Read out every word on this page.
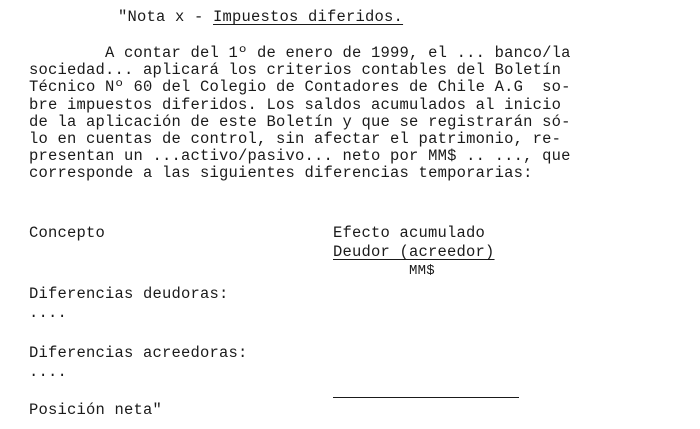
"Nota x - Impuestos diferidos.
A contar del 1º de enero de 1999, el ... banco/la
sociedad... aplicará los criterios contables del Boletín
Técnico Nº 60 del Colegio de Contadores de Chile A.G  so-
bre impuestos diferidos. Los saldos acumulados al inicio
de la aplicación de este Boletín y que se registrarán só-
lo en cuentas de control, sin afectar el patrimonio, re-
presentan un ...activo/pasivo... neto por MM$ .. ..., que
corresponde a las siguientes diferencias temporarias:
Concepto	Efecto acumulado
Deudor (acreedor)
MM$
Diferencias deudoras:
....
Diferencias acreedoras:
....
Posición neta"
